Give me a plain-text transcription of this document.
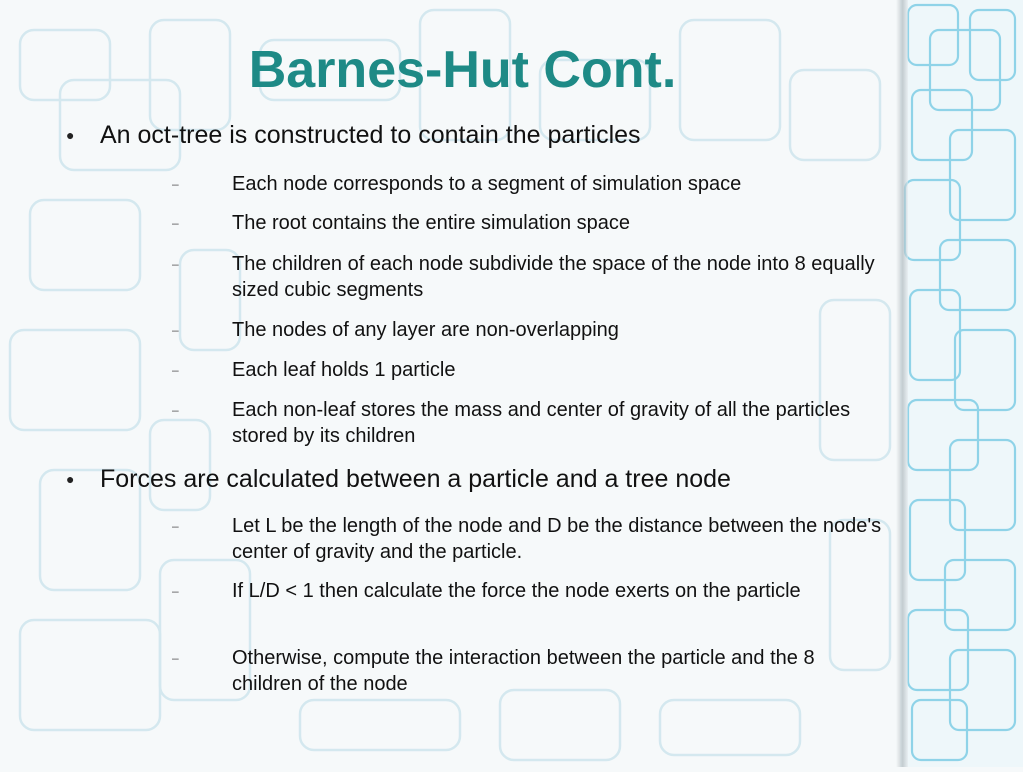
Barnes-Hut Cont.
● An oct-tree is constructed to contain the particles
–	Each node corresponds to a segment of simulation space
–	The root contains the entire simulation space
–	The children of each node subdivide the space of the node into 8 equally sized cubic segments
–	The nodes of any layer are non-overlapping
–	Each leaf holds 1 particle
–	Each non-leaf stores the mass and center of gravity of all the particles stored by its children
● Forces are calculated between a particle and a tree node
–	Let L be the length of the node and D be the distance between the node's center of gravity and the particle.
–	If L/D < 1 then calculate the force the node exerts on the particle
–	Otherwise, compute the interaction between the particle and the 8 children of the node
